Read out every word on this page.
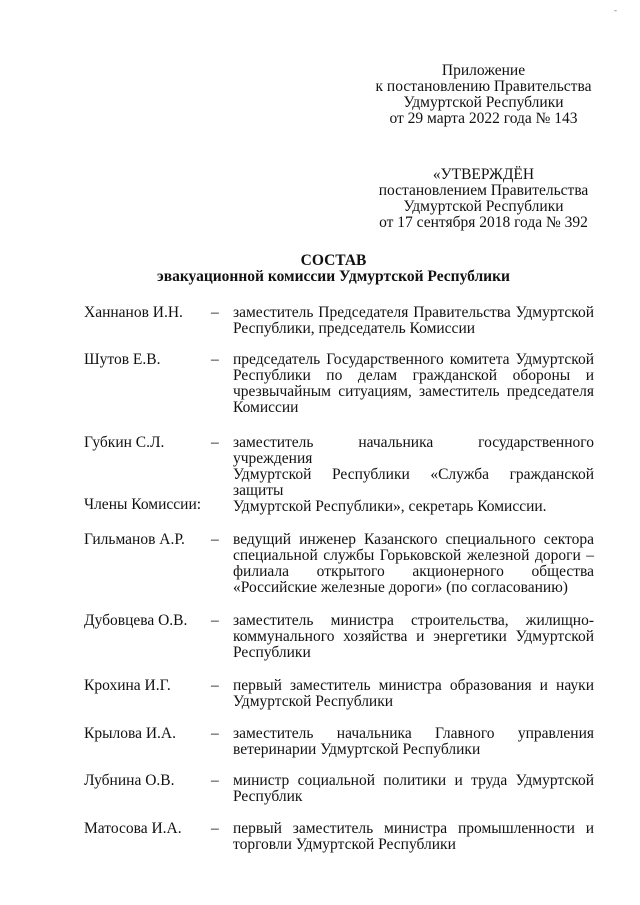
-
Приложение
к постановлению Правительства
Удмуртской Республики
от 29 марта 2022 года № 143
«УТВЕРЖДЁН
постановлением Правительства
Удмуртской Республики
от 17 сентября 2018 года № 392
СОСТАВ
эвакуационной комиссии Удмуртской Республики
Ханнанов И.Н. – заместитель Председателя Правительства Удмуртской
Республики, председатель Комиссии
Шутов Е.В.	– председатель Государственного комитета Удмуртской
Республики по делам гражданской обороны и
чрезвычайным ситуациям, заместитель председателя
Комиссии
Губкин С.Л.	– заместитель начальника государственного учреждения
Удмуртской Республики «Служба гражданской защиты
Удмуртской Республики», секретарь Комиссии.
Члены Комиссии:
Гильманов А.Р. – ведущий инженер Казанского специального сектора
специальной службы Горьковской железной дороги –
филиала открытого акционерного общества
«Российские железные дороги» (по согласованию)
Дубовцева О.В. – заместитель министра строительства, жилищно-
коммунального хозяйства и энергетики Удмуртской
Республики
Крохина И.Г.	– первый заместитель министра образования и науки
Удмуртской Республики
Крылова И.А. – заместитель начальника Главного управления
ветеринарии Удмуртской Республики
Лубнина О.В. – министр социальной политики и труда Удмуртской
Республик
Матосова И.А. – первый заместитель министра промышленности и
торговли Удмуртской Республики
